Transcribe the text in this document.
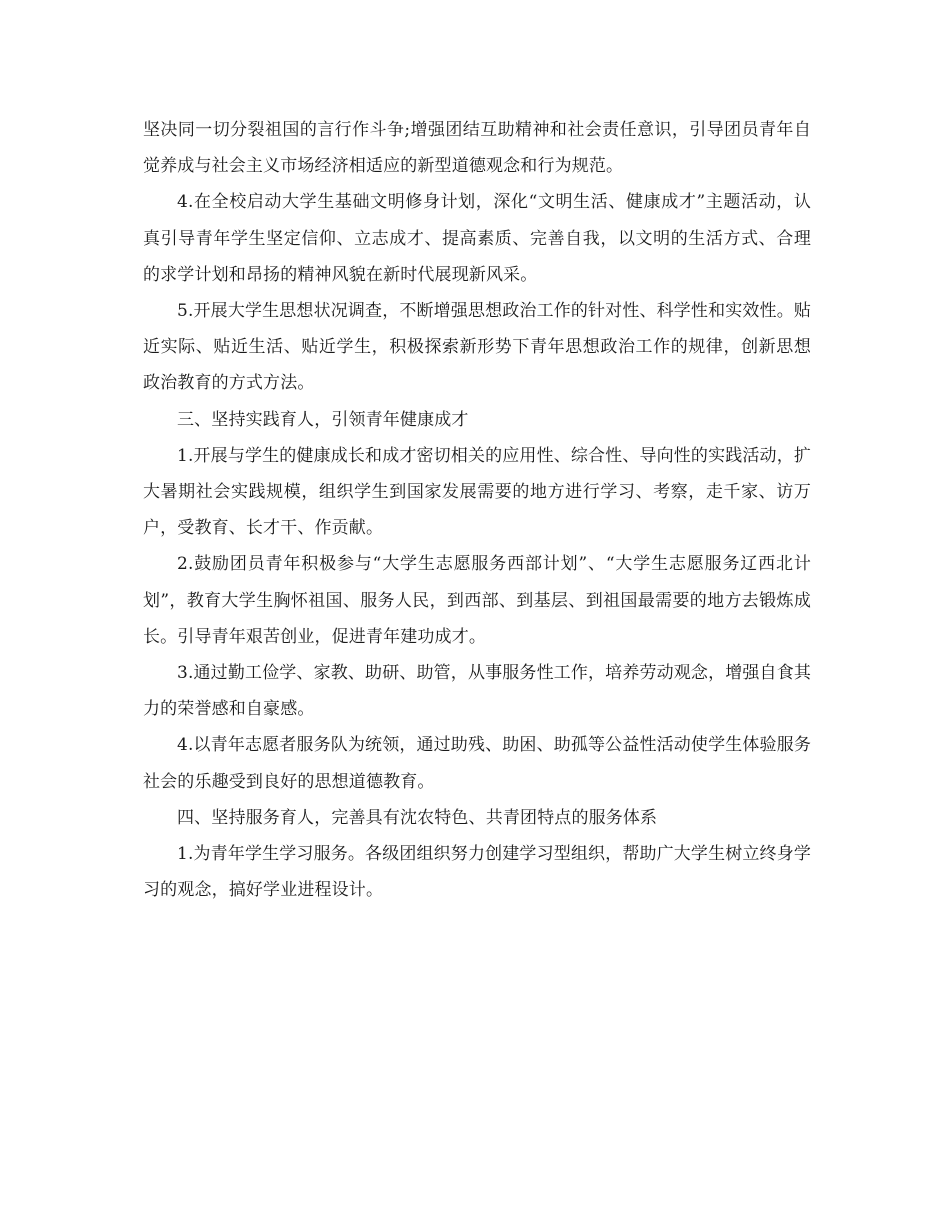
坚决同一切分裂祖国的言行作斗争;增强团结互助精神和社会责任意识，引导团员青年自觉养成与社会主义市场经济相适应的新型道德观念和行为规范。

4.在全校启动大学生基础文明修身计划，深化“文明生活、健康成才”主题活动，认真引导青年学生坚定信仰、立志成才、提高素质、完善自我，以文明的生活方式、合理的求学计划和昂扬的精神风貌在新时代展现新风采。

5.开展大学生思想状况调查，不断增强思想政治工作的针对性、科学性和实效性。贴近实际、贴近生活、贴近学生，积极探索新形势下青年思想政治工作的规律，创新思想政治教育的方式方法。

三、坚持实践育人，引领青年健康成才

1.开展与学生的健康成长和成才密切相关的应用性、综合性、导向性的实践活动，扩大暑期社会实践规模，组织学生到国家发展需要的地方进行学习、考察，走千家、访万户，受教育、长才干、作贡献。

2.鼓励团员青年积极参与“大学生志愿服务西部计划”、“大学生志愿服务辽西北计划”，教育大学生胸怀祖国、服务人民，到西部、到基层、到祖国最需要的地方去锻炼成长。引导青年艰苦创业，促进青年建功成才。

3.通过勤工俭学、家教、助研、助管，从事服务性工作，培养劳动观念，增强自食其力的荣誉感和自豪感。

4.以青年志愿者服务队为统领，通过助残、助困、助孤等公益性活动使学生体验服务社会的乐趣受到良好的思想道德教育。

四、坚持服务育人，完善具有沈农特色、共青团特点的服务体系

1.为青年学生学习服务。各级团组织努力创建学习型组织，帮助广大学生树立终身学习的观念，搞好学业进程设计。
